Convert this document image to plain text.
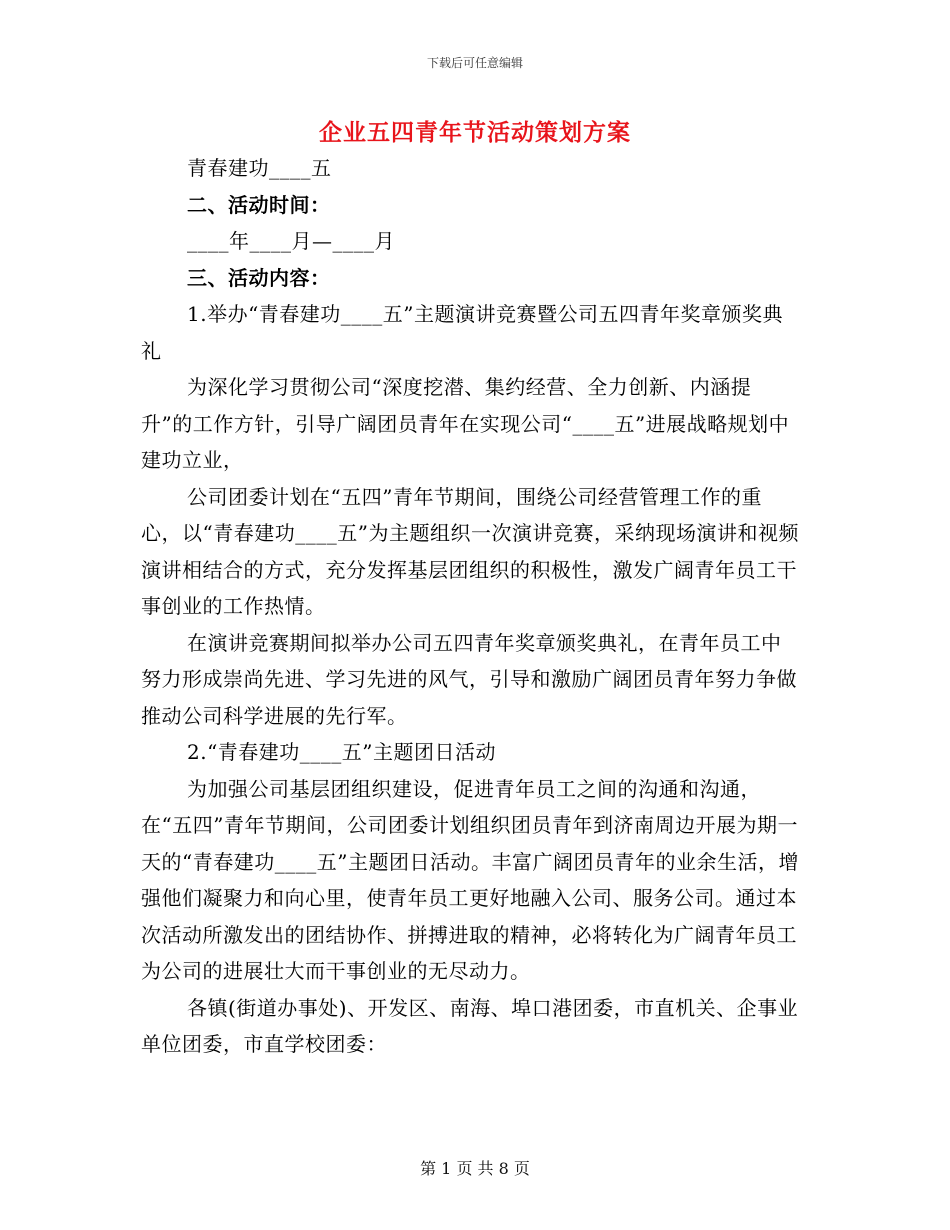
下载后可任意编辑
企业五四青年节活动策划方案

青春建功____五

二、活动时间：

____年____月—____月

三、活动内容：

1.举办“青春建功____五”主题演讲竞赛暨公司五四青年奖章颁奖典礼

为深化学习贯彻公司“深度挖潜、集约经营、全力创新、内涵提升”的工作方针，引导广阔团员青年在实现公司“____五”进展战略规划中建功立业，

公司团委计划在“五四”青年节期间，围绕公司经营管理工作的重心，以“青春建功____五”为主题组织一次演讲竞赛，采纳现场演讲和视频演讲相结合的方式，充分发挥基层团组织的积极性，激发广阔青年员工干事创业的工作热情。

在演讲竞赛期间拟举办公司五四青年奖章颁奖典礼，在青年员工中努力形成崇尚先进、学习先进的风气，引导和激励广阔团员青年努力争做推动公司科学进展的先行军。

2.“青春建功____五”主题团日活动

为加强公司基层团组织建设，促进青年员工之间的沟通和沟通，在“五四”青年节期间，公司团委计划组织团员青年到济南周边开展为期一天的“青春建功____五”主题团日活动。丰富广阔团员青年的业余生活，增强他们凝聚力和向心里，使青年员工更好地融入公司、服务公司。通过本次活动所激发出的团结协作、拼搏进取的精神，必将转化为广阔青年员工为公司的进展壮大而干事创业的无尽动力。

各镇(街道办事处)、开发区、南海、埠口港团委，市直机关、企事业单位团委，市直学校团委：

第 1 页 共 8 页
